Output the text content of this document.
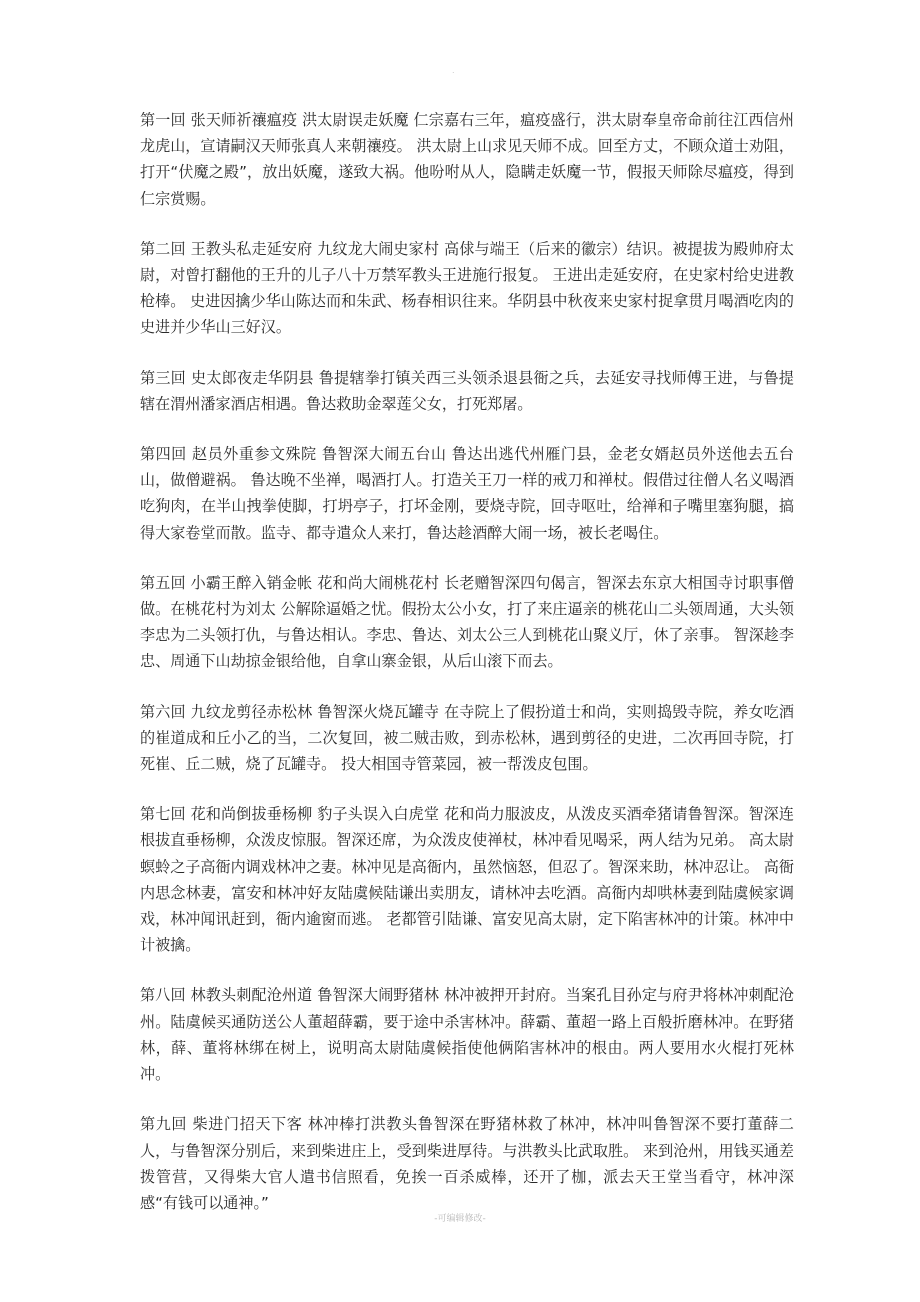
.

第一回 张天师祈禳瘟疫 洪太尉误走妖魔 仁宗嘉右三年，瘟疫盛行，洪太尉奉皇帝命前往江西信州龙虎山，宣请嗣汉天师张真人来朝禳疫。 洪太尉上山求见天师不成。回至方丈，不顾众道士劝阻，打开“伏魔之殿”，放出妖魔，遂致大祸。他吩咐从人，隐瞒走妖魔一节，假报天师除尽瘟疫，得到仁宗赏赐。

第二回 王教头私走延安府 九纹龙大闹史家村 高俅与端王（后来的徽宗）结识。被提拔为殿帅府太尉，对曾打翻他的王升的儿子八十万禁军教头王进施行报复。 王进出走延安府，在史家村给史进教枪棒。 史进因擒少华山陈达而和朱武、杨春相识往来。华阴县中秋夜来史家村捉拿贯月喝酒吃肉的史进并少华山三好汉。

第三回 史太郎夜走华阴县 鲁提辖拳打镇关西三头领杀退县衙之兵，去延安寻找师傅王进，与鲁提辖在渭州潘家酒店相遇。鲁达救助金翠莲父女，打死郑屠。

第四回 赵员外重参文殊院 鲁智深大闹五台山 鲁达出逃代州雁门县，金老女婿赵员外送他去五台山，做僧避祸。 鲁达晚不坐禅，喝酒打人。打造关王刀一样的戒刀和禅杖。假借过往僧人名义喝酒吃狗肉，在半山拽拳使脚，打坍亭子，打坏金刚，要烧寺院，回寺呕吐，给禅和子嘴里塞狗腿，搞得大家卷堂而散。监寺、都寺遣众人来打，鲁达趁酒醉大闹一场，被长老喝住。

第五回 小霸王醉入销金帐 花和尚大闹桃花村 长老赠智深四句偈言，智深去东京大相国寺讨职事僧做。在桃花村为刘太 公解除逼婚之忧。假扮太公小女，打了来庄逼亲的桃花山二头领周通，大头领李忠为二头领打仇，与鲁达相认。李忠、鲁达、刘太公三人到桃花山聚义厅，休了亲事。 智深趁李忠、周通下山劫掠金银给他，自拿山寨金银，从后山滚下而去。

第六回 九纹龙剪径赤松林 鲁智深火烧瓦罐寺 在寺院上了假扮道士和尚，实则捣毁寺院，养女吃酒的崔道成和丘小乙的当，二次复回，被二贼击败，到赤松林，遇到剪径的史进，二次再回寺院，打死崔、丘二贼，烧了瓦罐寺。 投大相国寺管菜园，被一帮泼皮包围。

第七回 花和尚倒拔垂杨柳 豹子头误入白虎堂 花和尚力服波皮，从泼皮买酒牵猪请鲁智深。智深连根拔直垂杨柳，众泼皮惊服。智深还席，为众泼皮使禅杖，林冲看见喝采，两人结为兄弟。 高太尉螟蛉之子高衙内调戏林冲之妻。林冲见是高衙内，虽然恼怒，但忍了。智深来助，林冲忍让。 高衙内思念林妻，富安和林冲好友陆虞候陆谦出卖朋友，请林冲去吃酒。高衙内却哄林妻到陆虞候家调戏，林冲闻讯赶到，衙内逾窗而逃。 老都管引陆谦、富安见高太尉，定下陷害林冲的计策。林冲中计被擒。

第八回 林教头刺配沧州道 鲁智深大闹野猪林 林冲被押开封府。当案孔目孙定与府尹将林冲刺配沧州。陆虞候买通防送公人董超薛霸，要于途中杀害林冲。薛霸、董超一路上百般折磨林冲。在野猪林，薛、董将林绑在树上，说明高太尉陆虞候指使他俩陷害林冲的根由。两人要用水火棍打死林冲。

第九回 柴进门招天下客 林冲棒打洪教头鲁智深在野猪林救了林冲，林冲叫鲁智深不要打董薛二人，与鲁智深分别后，来到柴进庄上，受到柴进厚待。与洪教头比武取胜。 来到沧州，用钱买通差拨管营，又得柴大官人遣书信照看，免挨一百杀威棒，还开了枷，派去天王堂当看守，林冲深感“有钱可以通神。”

-可编辑修改-
